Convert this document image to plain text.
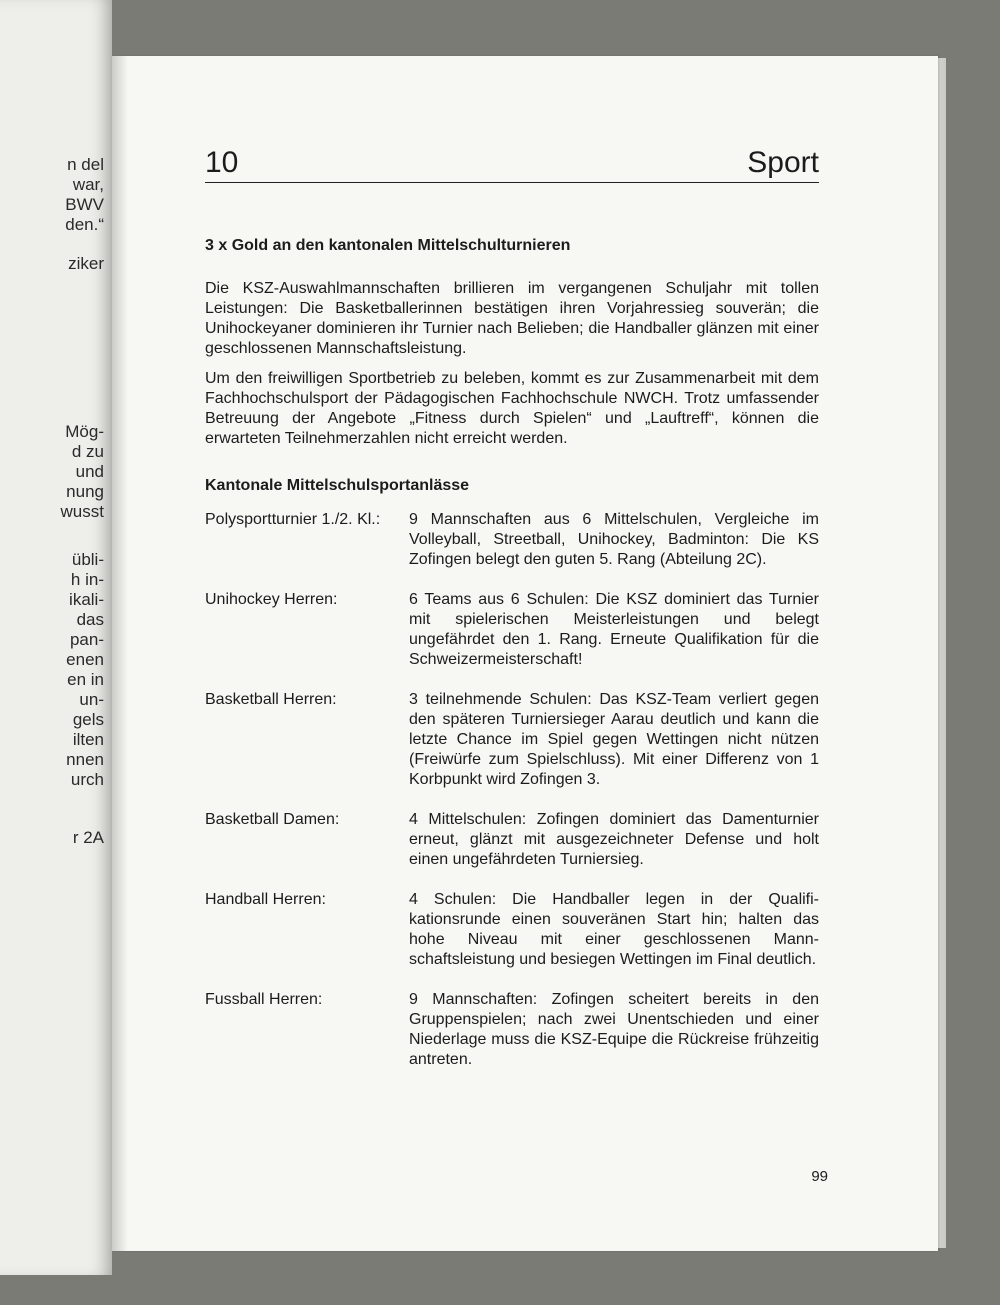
n del
war,
BWV
den.“
ziker
Mög-
d zu
und
nung
wusst
übli-
h in-
ikali-
das
pan-
enen
en in
un-
gels
ilten
nnen
urch
r 2A
10	Sport
3 x Gold an den kantonalen Mittelschulturnieren

Die KSZ-Auswahlmannschaften brillieren im vergangenen Schuljahr mit tollen Leistungen: Die Basketballerinnen bestätigen ihren Vorjahressieg souverän; die Unihockeyaner dominieren ihr Turnier nach Belieben; die Handballer glänzen mit einer geschlossenen Mannschaftsleistung.

Um den freiwilligen Sportbetrieb zu beleben, kommt es zur Zusammenarbeit mit dem Fachhochschulsport der Pädagogischen Fachhochschule NWCH. Trotz umfassender Betreuung der Angebote „Fitness durch Spielen“ und „Lauftreff“, können die erwarteten Teilnehmerzahlen nicht erreicht werden.

Kantonale Mittelschulsportanlässe
Polysportturnier 1./2. Kl.:	9 Mannschaften aus 6 Mittelschulen, Vergleiche im Volleyball, Streetball, Unihockey, Badminton: Die KS Zofingen belegt den guten 5. Rang (Abteilung 2C).
Unihockey Herren:	6 Teams aus 6 Schulen: Die KSZ dominiert das Turnier mit spielerischen Meisterleistungen und belegt ungefährdet den 1. Rang. Erneute Qualifikation für die Schweizermeisterschaft!
Basketball Herren:	3 teilnehmende Schulen: Das KSZ-Team verliert gegen den späteren Turniersieger Aarau deutlich und kann die letzte Chance im Spiel gegen Wettingen nicht nützen (Freiwürfe zum Spielschluss). Mit einer Differenz von 1 Korbpunkt wird Zofingen 3.
Basketball Damen:	4 Mittelschulen: Zofingen dominiert das Damenturnier erneut, glänzt mit ausgezeichneter Defense und holt einen ungefährdeten Turniersieg.
Handball Herren:	4 Schulen: Die Handballer legen in der Qualifikationsrunde einen souveränen Start hin; halten das hohe Niveau mit einer geschlossenen Mannschaftsleistung und besiegen Wettingen im Final deutlich.
Fussball Herren:	9 Mannschaften: Zofingen scheitert bereits in den Gruppenspielen; nach zwei Unentschieden und einer Niederlage muss die KSZ-Equipe die Rückreise frühzeitig antreten.
99
